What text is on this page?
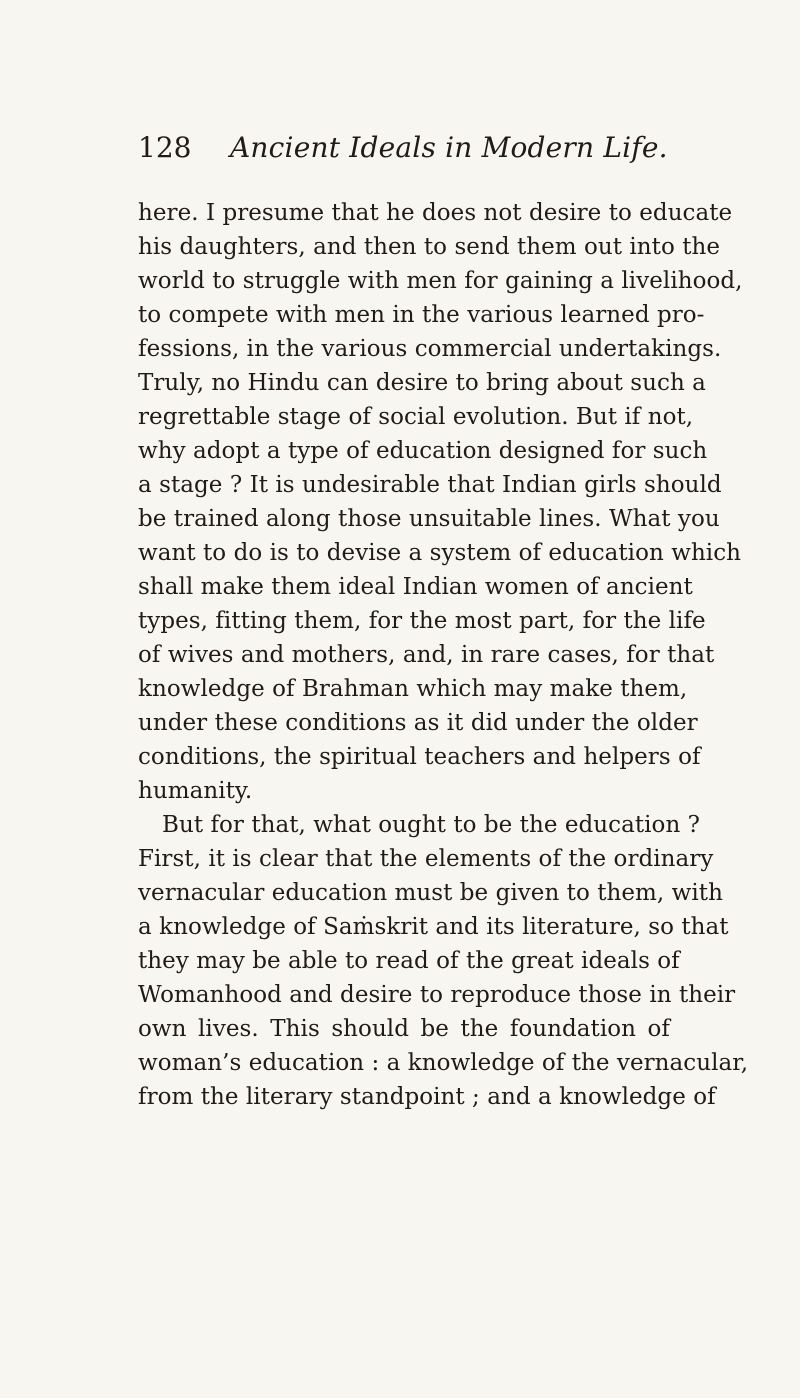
128 Ancient Ideals in Modern Life.
here. I presume that he does not desire to educate
his daughters, and then to send them out into the
world to struggle with men for gaining a livelihood,
to compete with men in the various learned pro-
fessions, in the various commercial undertakings.
Truly, no Hindu can desire to bring about such a
regrettable stage of social evolution. But if not,
why adopt a type of education designed for such
a stage ? It is undesirable that Indian girls should
be trained along those unsuitable lines. What you
want to do is to devise a system of education which
shall make them ideal Indian women of ancient
types, fitting them, for the most part, for the life
of wives and mothers, and, in rare cases, for that
knowledge of Brahman which may make them,
under these conditions as it did under the older
conditions, the spiritual teachers and helpers of
humanity.
But for that, what ought to be the education ?
First, it is clear that the elements of the ordinary
vernacular education must be given to them, with
a knowledge of Saṁskrit and its literature, so that
they may be able to read of the great ideals of
Womanhood and desire to reproduce those in their
own lives. This should be the foundation of
woman’s education : a knowledge of the vernacular,
from the literary standpoint ; and a knowledge of
